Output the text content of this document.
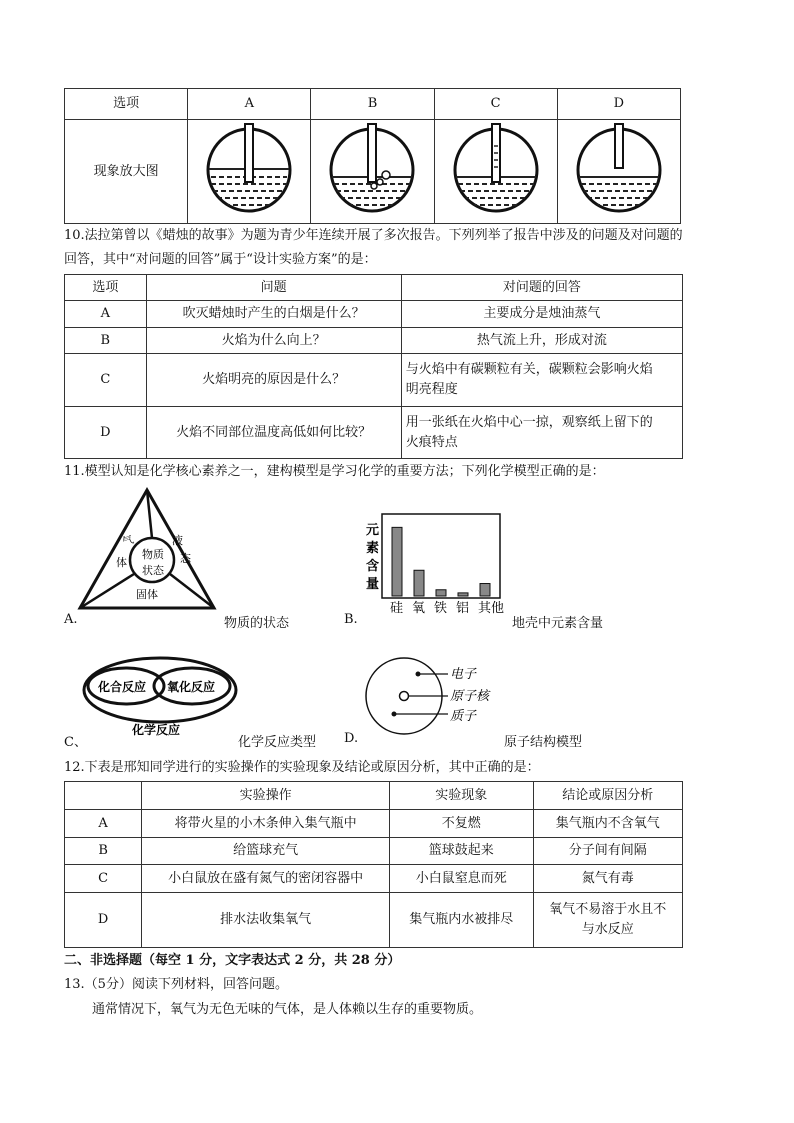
选项	A	B	C	D
现象放大图				
10.法拉第曾以《蜡烛的故事》为题为青少年连续开展了多次报告。下列列举了报告中涉及的问题及对问题的
回答，其中“对问题的回答”属于“设计实验方案”的是：
选项	问题	对问题的回答
A	吹灭蜡烛时产生的白烟是什么？	主要成分是烛油蒸气
B	火焰为什么向上？	热气流上升，形成对流
C	火焰明亮的原因是什么？	与火焰中有碳颗粒有关，碳颗粒会影响火焰
明亮程度

D	火焰不同部位温度高低如何比较？	用一张纸在火焰中心一掠，观察纸上留下的
火痕特点
11.模型认知是化学核心素养之一，建构模型是学习化学的重要方法；下列化学模型正确的是：
气
体
液
态
物质
状态
固体
A.	物质的状态
元
素
含
量
硅 氧 铁 铝 其他
B.	地壳中元素含量
化合反应 氧化反应
化学反应
C、	化学反应类型
电子
原子核
质子
D.	原子结构模型
12.下表是邢知同学进行的实验操作的实验现象及结论或原因分析，其中正确的是：
	实验操作	实验现象	结论或原因分析
A	将带火星的小木条伸入集气瓶中	不复燃	集气瓶内不含氧气
B	给篮球充气	篮球鼓起来	分子间有间隔
C	小白鼠放在盛有氮气的密闭容器中	小白鼠窒息而死	氮气有毒
D	排水法收集氧气	集气瓶内水被排尽	氧气不易溶于水且不
与水反应
二、非选择题（每空 1 分，文字表达式 2 分，共 28 分）
13.（5分）阅读下列材料，回答问题。
通常情况下，氧气为无色无味的气体，是人体赖以生存的重要物质。
